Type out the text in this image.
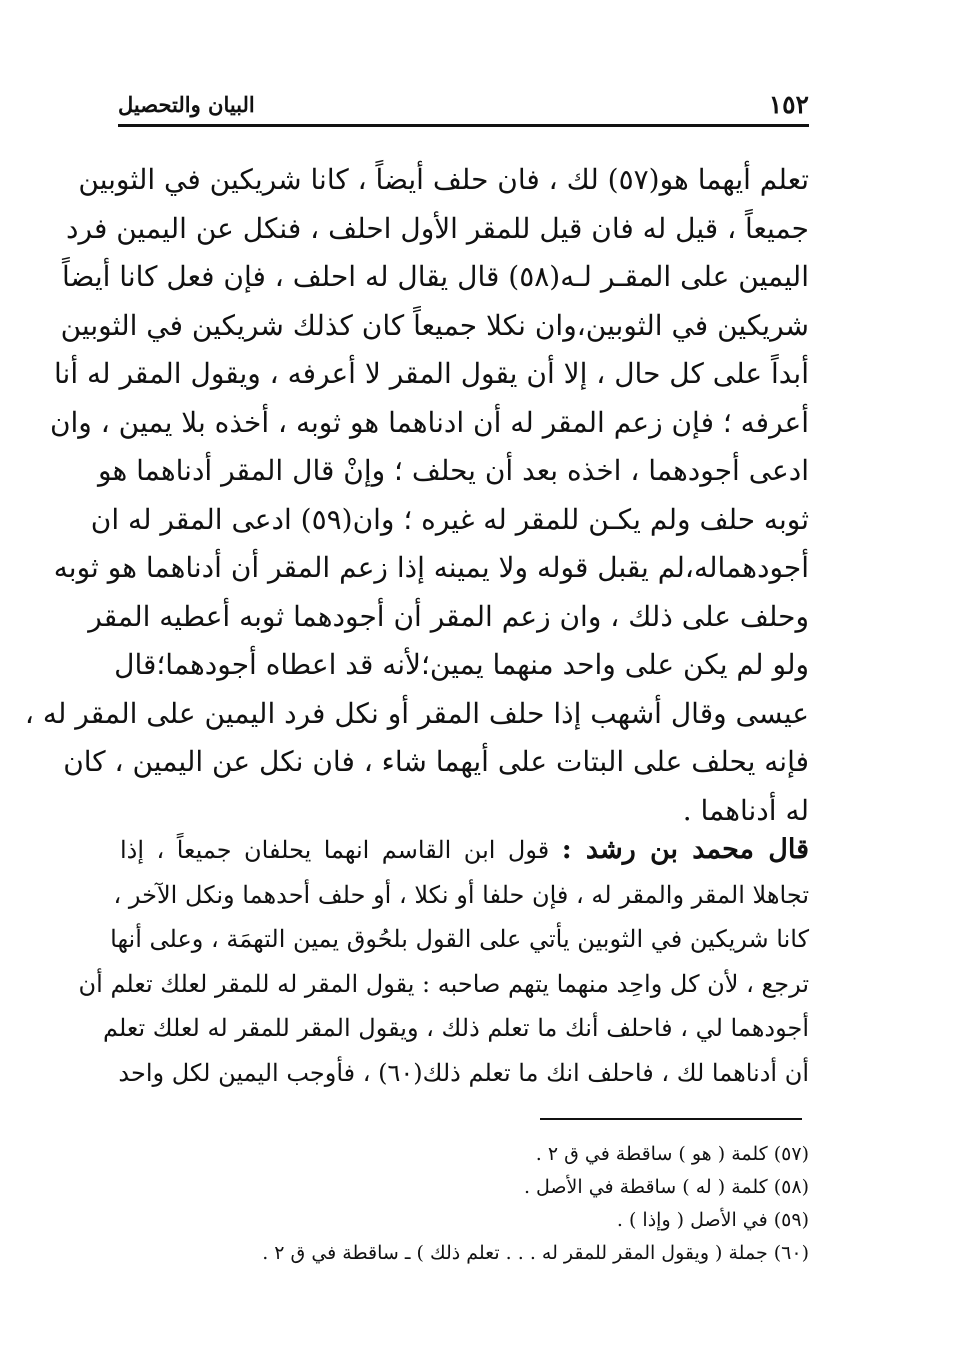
١٥٢
البيان والتحصيل
تعلم أيهما هو(٥٧) لك ، فان حلف أيضاً ، كانا شريكين في الثوبين
جميعاً ، قيل له فان قيل للمقر الأول احلف ، فنكل عن اليمين فرد
اليمين على المقـر لـه(٥٨) قال يقال له احلف ، فإن فعل كانا أيضاً
شريكين في الثوبين،وان نكلا جميعاً كان كذلك شريكين في الثوبين
أبداً على كل حال ، إلا أن يقول المقر لا أعرفه ، ويقول المقر له أنا
أعرفه ؛ فإن زعم المقر له أن ادناهما هو ثوبه ، أخذه بلا يمين ، وان
ادعى أجودهما ، اخذه بعد أن يحلف ؛ وإنْ قال المقر أدناهما هو
ثوبه حلف ولم يكـن للمقر له غيره ؛ وان(٥٩) ادعى المقر له ان
أجودهماله،لم يقبل قوله ولا يمينه إذا زعم المقر أن أدناهما هو ثوبه
وحلف على ذلك ، وان زعم المقر أن أجودهما ثوبه أعطيه المقر
ولو لم يكن على واحد منهما يمين؛لأنه قد اعطاه أجودهما؛قال
عيسى وقال أشهب إذا حلف المقر أو نكل فرد اليمين على المقر له ،
فإنه يحلف على البتات على أيهما شاء ، فان نكل عن اليمين ، كان
له أدناهما .
قال محمد بن رشد : قول ابن القاسم انهما يحلفان جميعاً ، إذا
تجاهلا المقر والمقر له ، فإن حلفا أو نكلا ، أو حلف أحدهما ونكل الآخر ،
كانا شريكين في الثوبين يأتي على القول بلحُوق يمين التهمَة ، وعلى أنها
ترجع ، لأن كل واحِد منهما يتهم صاحبه : يقول المقر له للمقر لعلك تعلم أن
أجودهما لي ، فاحلف أنك ما تعلم ذلك ، ويقول المقر للمقر له لعلك تعلم
أن أدناهما لك ، فاحلف انك ما تعلم ذلك(٦٠) ، فأوجب اليمين لكل واحد
(٥٧) كلمة ( هو ) ساقطة في ق ٢ .
(٥٨) كلمة ( له ) ساقطة في الأصل .
(٥٩) في الأصل ( وإذا ) .
(٦٠) جملة ( ويقول المقر للمقر له . . . تعلم ذلك ) ـ ساقطة في ق ٢ .
